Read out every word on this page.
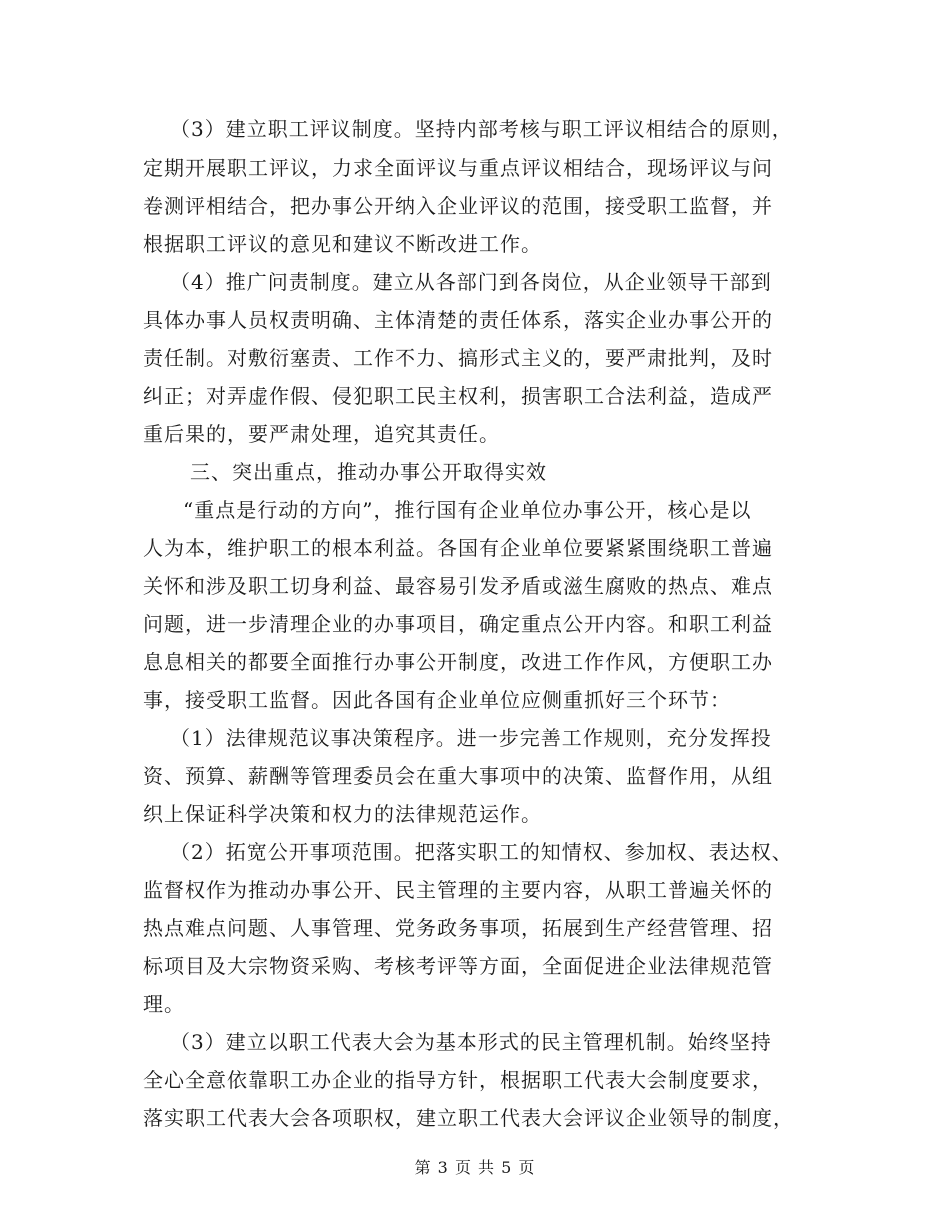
（3）建立职工评议制度。坚持内部考核与职工评议相结合的原则，
定期开展职工评议，力求全面评议与重点评议相结合，现场评议与问
卷测评相结合，把办事公开纳入企业评议的范围，接受职工监督，并
根据职工评议的意见和建议不断改进工作。
（4）推广问责制度。建立从各部门到各岗位，从企业领导干部到
具体办事人员权责明确、主体清楚的责任体系，落实企业办事公开的
责任制。对敷衍塞责、工作不力、搞形式主义的，要严肃批判，及时
纠正；对弄虚作假、侵犯职工民主权利，损害职工合法利益，造成严
重后果的，要严肃处理，追究其责任。
三、突出重点，推动办事公开取得实效
“重点是行动的方向”，推行国有企业单位办事公开，核心是以
人为本，维护职工的根本利益。各国有企业单位要紧紧围绕职工普遍
关怀和涉及职工切身利益、最容易引发矛盾或滋生腐败的热点、难点
问题，进一步清理企业的办事项目，确定重点公开内容。和职工利益
息息相关的都要全面推行办事公开制度，改进工作作风，方便职工办
事，接受职工监督。因此各国有企业单位应侧重抓好三个环节：
（1）法律规范议事决策程序。进一步完善工作规则，充分发挥投
资、预算、薪酬等管理委员会在重大事项中的决策、监督作用，从组
织上保证科学决策和权力的法律规范运作。
（2）拓宽公开事项范围。把落实职工的知情权、参加权、表达权、
监督权作为推动办事公开、民主管理的主要内容，从职工普遍关怀的
热点难点问题、人事管理、党务政务事项，拓展到生产经营管理、招
标项目及大宗物资采购、考核考评等方面，全面促进企业法律规范管
理。
（3）建立以职工代表大会为基本形式的民主管理机制。始终坚持
全心全意依靠职工办企业的指导方针，根据职工代表大会制度要求，
落实职工代表大会各项职权，建立职工代表大会评议企业领导的制度，
第 3 页 共 5 页
